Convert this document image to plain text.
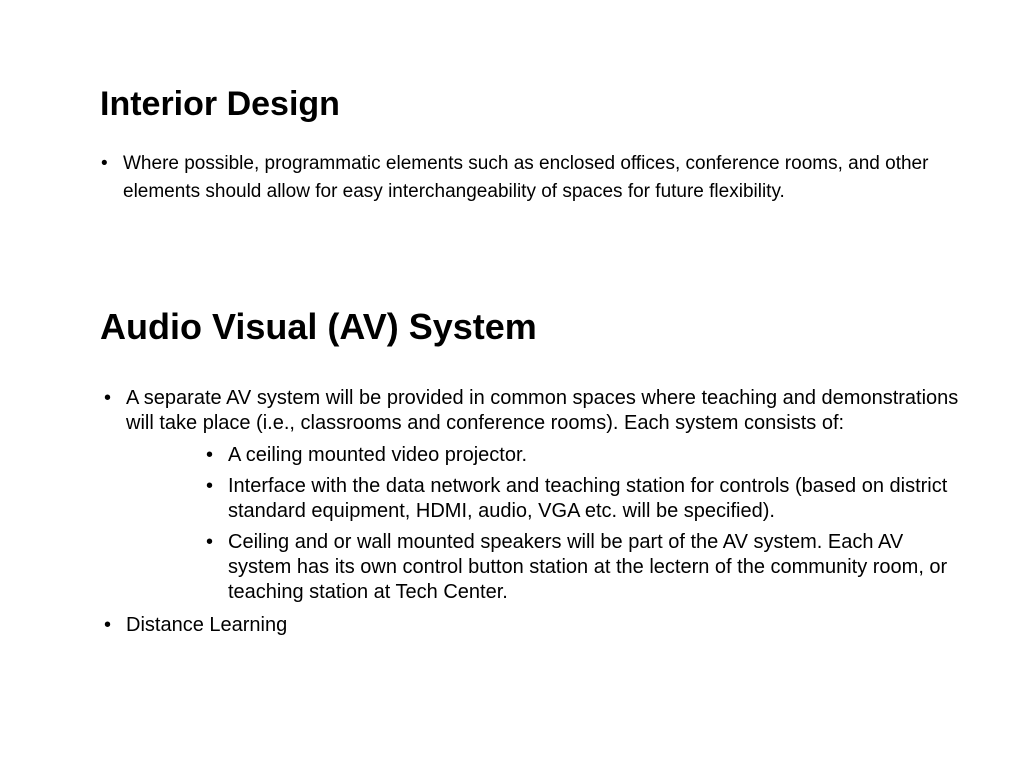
Interior Design
• Where possible, programmatic elements such as enclosed offices, conference rooms, and other elements should allow for easy interchangeability of spaces for future flexibility.
Audio Visual (AV) System
• A separate AV system will be provided in common spaces where teaching and demonstrations will take place (i.e., classrooms and conference rooms). Each system consists of:
• A ceiling mounted video projector.
• Interface with the data network and teaching station for controls (based on district standard equipment, HDMI, audio, VGA etc. will be specified).
• Ceiling and or wall mounted speakers will be part of the AV system. Each AV system has its own control button station at the lectern of the community room, or teaching station at Tech Center.
• Distance Learning
